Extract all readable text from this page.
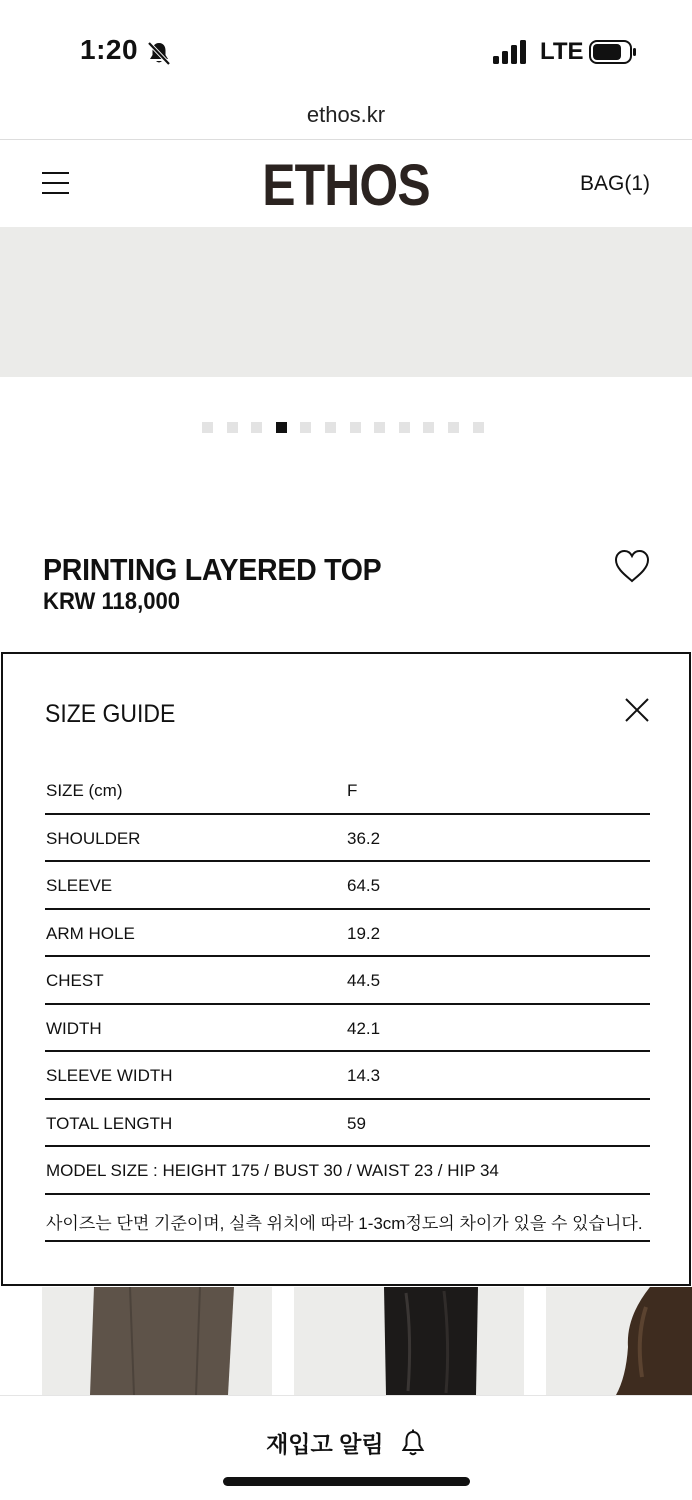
1:20	LTE
ethos.kr
ETHOS	BAG(1)
PRINTING LAYERED TOP
KRW 118,000
SIZE GUIDE
SIZE (cm)	F
SHOULDER	36.2
SLEEVE	64.5
ARM HOLE	19.2
CHEST	44.5
WIDTH	42.1
SLEEVE WIDTH	14.3
TOTAL LENGTH	59
MODEL SIZE : HEIGHT 175 / BUST 30 / WAIST 23 / HIP 34
사이즈는 단면 기준이며, 실측 위치에 따라 1-3cm정도의 차이가 있을 수 있습니다.
재입고 알림
